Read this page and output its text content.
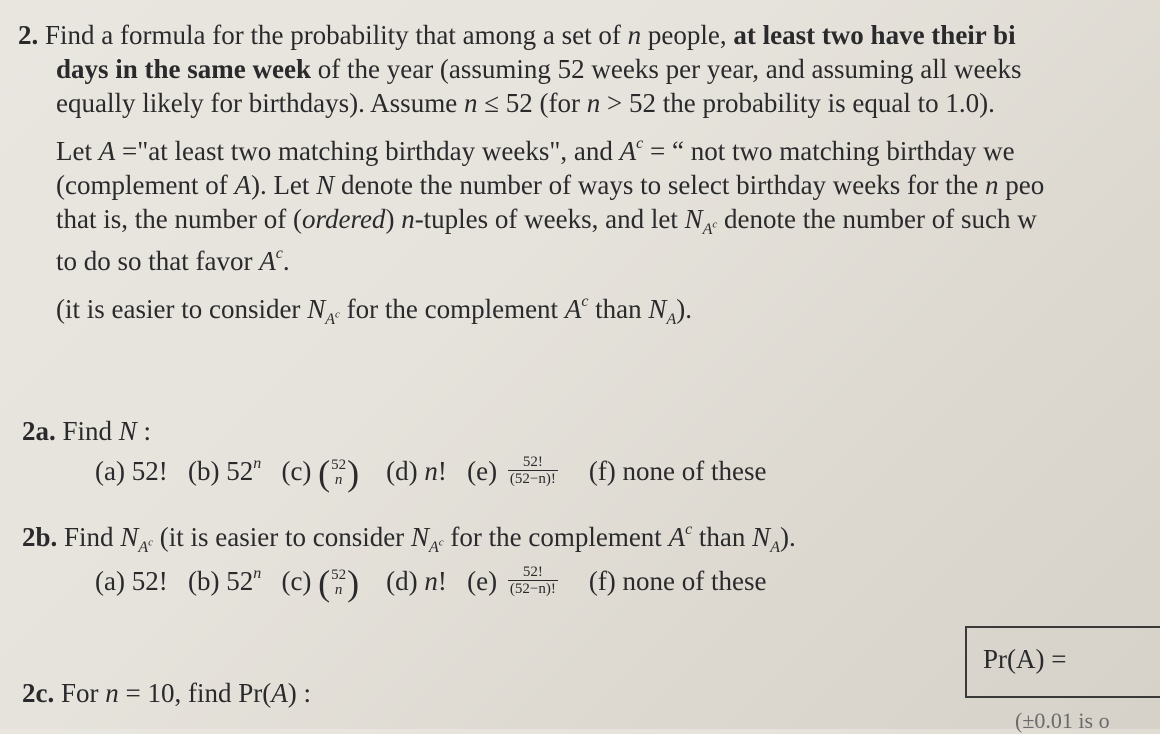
2. Find a formula for the probability that among a set of n people, at least two have their bi
days in the same week of the year (assuming 52 weeks per year, and assuming all weeks
equally likely for birthdays). Assume n ≤ 52 (for n > 52 the probability is equal to 1.0).
Let A ="at least two matching birthday weeks", and $A^c$ = “ not two matching birthday we
(complement of A). Let N denote the number of ways to select birthday weeks for the n peo
that is, the number of (ordered) n-tuples of weeks, and let $N_{A^c}$ denote the number of such w
to do so that favor $A^c$.
(it is easier to consider $N_{A^c}$ for the complement $A^c$ than $N_A$).
2a. Find N :
(a) 52! (b) 52$^n$ (c) ( 52
n ) (d) n! $(e) \frac{52!}{(52-n)!} (f)$ none of these
2b. Find $N_{A^c}$ (it is easier to consider $N_{A^c}$ for the complement $A^c$ than $N_A$).
(a) 52! (b) 52$^n$ (c) ( 52
n ) (d) n! $(e) \frac{52!}{(52-n)!} (f)$ none of these
2c. For n = 10, find Pr(A) :
Pr(A) =
(±0.01 is o
